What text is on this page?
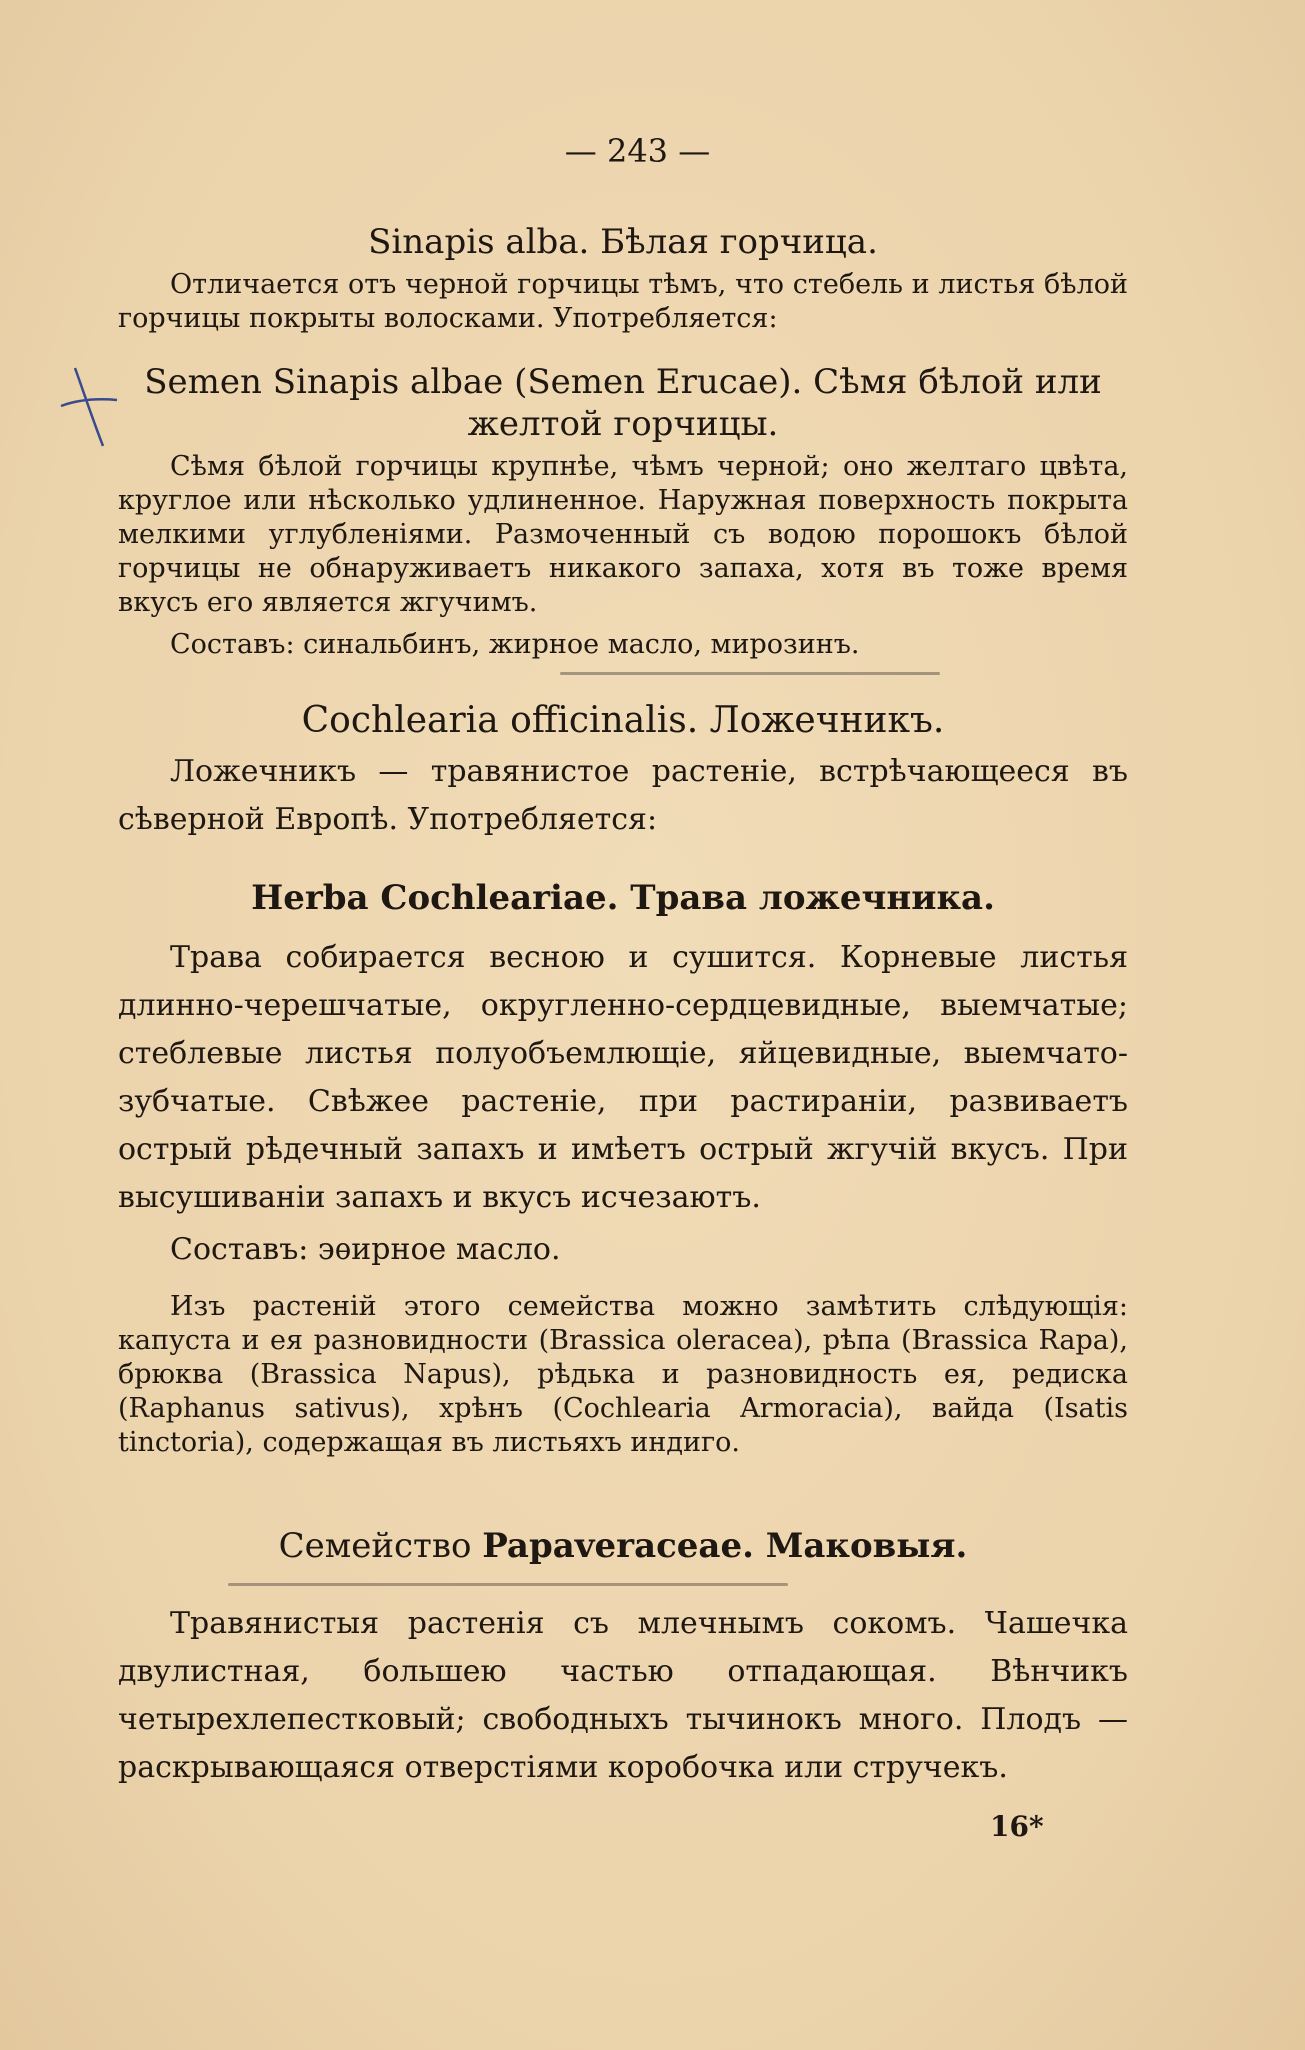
— 243 —
Sinapis alba. Бѣлая горчица.
Отличается отъ черной горчицы тѣмъ, что стебель и листья бѣлой горчицы покрыты волосками. Употребляется:
Semen Sinapis albae (Semen Erucae). Сѣмя бѣлой или
желтой горчицы.
Сѣмя бѣлой горчицы крупнѣе, чѣмъ черной; оно желтаго цвѣта, круглое или нѣсколько удлиненное. Наружная поверхность покрыта мелкими углубленіями. Размоченный съ водою порошокъ бѣлой горчицы не обнаруживаетъ никакого запаха, хотя въ тоже время вкусъ его является жгучимъ.
Составъ: синальбинъ, жирное масло, мирозинъ.
Cochlearia officinalis. Ложечникъ.
Ложечникъ — травянистое растеніе, встрѣчающееся въ сѣверной Европѣ. Употребляется:
Herba Cochleariae. Трава ложечника.
Трава собирается весною и сушится. Корневые листья длинно-черешчатые, округленно-сердцевидные, выемчатые; стеблевые листья полуобъемлющіе, яйцевидные, выемчато-зубчатые. Свѣжее растеніе, при растираніи, развиваетъ острый рѣдечный запахъ и имѣетъ острый жгучій вкусъ. При высушиваніи запахъ и вкусъ исчезаютъ.
Составъ: эѳирное масло.
Изъ растеній этого семейства можно замѣтить слѣдующія: капуста и ея разновидности (Brassica oleracea), рѣпа (Brassica Rapa), брюква (Brassica Napus), рѣдька и разновидность ея, редиска (Raphanus sativus), хрѣнъ (Cochlearia Armoracia), вайда (Isatis tinctoria), содержащая въ листьяхъ индиго.
Семейство Papaveraceae. Маковыя.
Травянистыя растенія съ млечнымъ сокомъ. Чашечка двулистная, большею частью отпадающая. Вѣнчикъ четырехлепестковый; свободныхъ тычинокъ много. Плодъ — раскрывающаяся отверстіями коробочка или стручекъ.
16*
